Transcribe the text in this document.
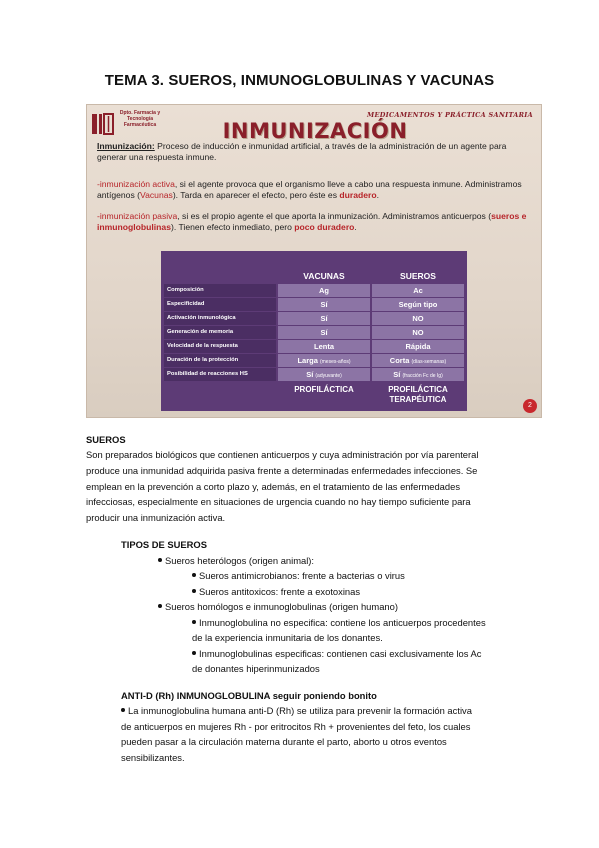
TEMA 3. SUEROS, INMUNOGLOBULINAS Y VACUNAS
Dpto. Farmacia y Tecnología Farmacéutica
MEDICAMENTOS Y PRÁCTICA SANITARIA
INMUNIZACIÓN
Inmunización: Proceso de inducción e inmunidad artificial, a través de la administración de un agente para generar una respuesta inmune.
-inmunización activa, si el agente provoca que el organismo lleve a cabo una respuesta inmune. Administramos antígenos (Vacunas). Tarda en aparecer el efecto, pero éste es duradero.
-inmunización pasiva, si es el propio agente el que aporta la inmunización. Administramos anticuerpos (sueros e inmunoglobulinas). Tienen efecto inmediato, pero poco duradero.
VACUNAS	SUEROS
Composición	Ag	Ac
Especificidad	Sí	Según tipo
Activación inmunológica	Sí	NO
Generación de memoria	Sí	NO
Velocidad de la respuesta	Lenta	Rápida
Duración de la protección	Larga (meses-años)	Corta (días-semanas)
Posibilidad de reacciones HS	Sí (adyuvante)	Sí (fracción Fc de Ig)
PROFILÁCTICA	PROFILÁCTICA
TERAPÉUTICA
2
SUEROS
Son preparados biológicos que contienen anticuerpos y cuya administración por vía parenteral
produce una inmunidad adquirida pasiva frente a determinadas enfermedades infecciones. Se
emplean en la prevención a corto plazo y, además, en el tratamiento de las enfermedades
infecciosas, especialmente en situaciones de urgencia cuando no hay tiempo suficiente para
producir una inmunización activa.
TIPOS DE SUEROS
Sueros heterólogos (origen animal):
Sueros antimicrobianos: frente a bacterias o virus
Sueros antitoxicos: frente a exotoxinas
Sueros homólogos e inmunoglobulinas (origen humano)
Inmunoglobulina no especifica: contiene los anticuerpos procedentes
de la experiencia inmunitaria de los donantes.
Inmunoglobulinas especificas: contienen casi exclusivamente los Ac
de donantes hiperinmunizados
ANTI-D (Rh) INMUNOGLOBULINA seguir poniendo bonito
La inmunoglobulina humana anti-D (Rh) se utiliza para prevenir la formación activa
de anticuerpos en mujeres Rh - por eritrocitos Rh + provenientes del feto, los cuales
pueden pasar a la circulación materna durante el parto, aborto u otros eventos
sensibilizantes.
